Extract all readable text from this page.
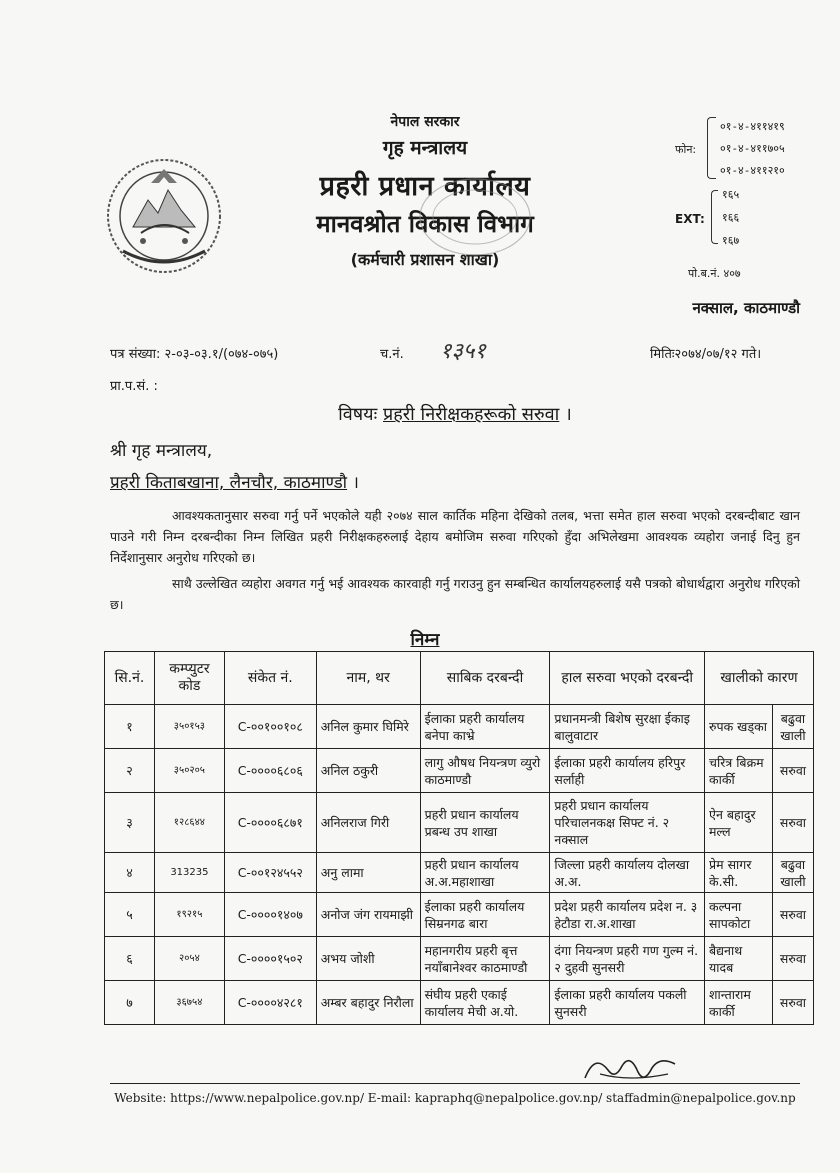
नेपाल सरकार
गृह मन्त्रालय
प्रहरी प्रधान कार्यालय
मानवश्रोत विकास विभाग
(कर्मचारी प्रशासन शाखा)
फोन:
०१-४-४११४१९
०१-४-४११७०५
०१-४-४११२१०
EXT:
१६५
१६६
१६७
पो.ब.नं. ४०७
नक्साल, काठमाण्डौ
पत्र संख्या: २-०३-०३.१/(०७४-०७५)	च.नं. १३५१	मितिः२०७४/०७/१२ गते।
प्रा.प.सं. :
विषयः प्रहरी निरीक्षकहरूको सरुवा ।
श्री गृह मन्त्रालय,
प्रहरी किताबखाना, लैनचौर, काठमाण्डौ ।
आवश्यकतानुसार सरुवा गर्नु पर्ने भएकोले यही २०७४ साल कार्तिक महिना देखिको तलब, भत्ता समेत हाल सरुवा भएको दरबन्दीबाट खान पाउने गरी निम्न दरबन्दीका निम्न लिखित प्रहरी निरीक्षकहरुलाई देहाय बमोजिम सरुवा गरिएको हुँदा अभिलेखमा आवश्यक व्यहोरा जनाई दिनु हुन निर्देशानुसार अनुरोध गरिएको छ।
साथै उल्लेखित व्यहोरा अवगत गर्नु भई आवश्यक कारवाही गर्नु गराउनु हुन सम्बन्धित कार्यालयहरुलाई यसै पत्रको बोधार्थद्वारा अनुरोध गरिएको छ।
निम्न
सि.नं.	कम्प्युटर कोड	संकेत नं.	नाम, थर	साबिक दरबन्दी	हाल सरुवा भएको दरबन्दी	खालीको कारण	
१	३५०१५३	C-००१००१०८	अनिल कुमार घिमिरे	ईलाका प्रहरी कार्यालय बनेपा काभ्रे	प्रधानमन्त्री बिशेष सुरक्षा ईकाइ बालुवाटार	रुपक खड्का	बढुवा खाली
२	३५०२०५	C-००००६८०६	अनिल ठकुरी	लागु औषध नियन्त्रण व्युरो काठमाण्डौ	ईलाका प्रहरी कार्यालय हरिपुर सर्लाही	चरित्र बिक्रम कार्की	सरुवा
३	१२८६४४	C-००००६८७१	अनिलराज गिरी	प्रहरी प्रधान कार्यालय प्रबन्ध उप शाखा	प्रहरी प्रधान कार्यालय परिचालनकक्ष सिफ्ट नं. २ नक्साल	ऐन बहादुर मल्ल	सरुवा
४	313235	C-००१२४५५२	अनु लामा	प्रहरी प्रधान कार्यालय अ.अ.महाशाखा	जिल्ला प्रहरी कार्यालय दोलखा अ.अ.	प्रेम सागर के.सी.	बढुवा खाली
५	१९२१५	C-००००१४०७	अनोज जंग रायमाझी	ईलाका प्रहरी कार्यालय सिम्रनगढ बारा	प्रदेश प्रहरी कार्यालय प्रदेश न. ३ हेटौडा रा.अ.शाखा	कल्पना सापकोटा	सरुवा
६	२०५४	C-००००१५०२	अभय जोशी	महानगरीय प्रहरी बृत्त नयाँबानेश्वर काठमाण्डौ	दंगा नियन्त्रण प्रहरी गण गुल्म नं. २ दुहवी सुनसरी	बैद्यनाथ यादब	सरुवा
७	३६७५४	C-००००४२८१	अम्बर बहादुर निरौला	संघीय प्रहरी एकाई कार्यालय मेची अ.यो.	ईलाका प्रहरी कार्यालय पकली सुनसरी	शान्ताराम कार्की	सरुवा
Website: https://www.nepalpolice.gov.np/ E-mail: kapraphq@nepalpolice.gov.np/ staffadmin@nepalpolice.gov.np
